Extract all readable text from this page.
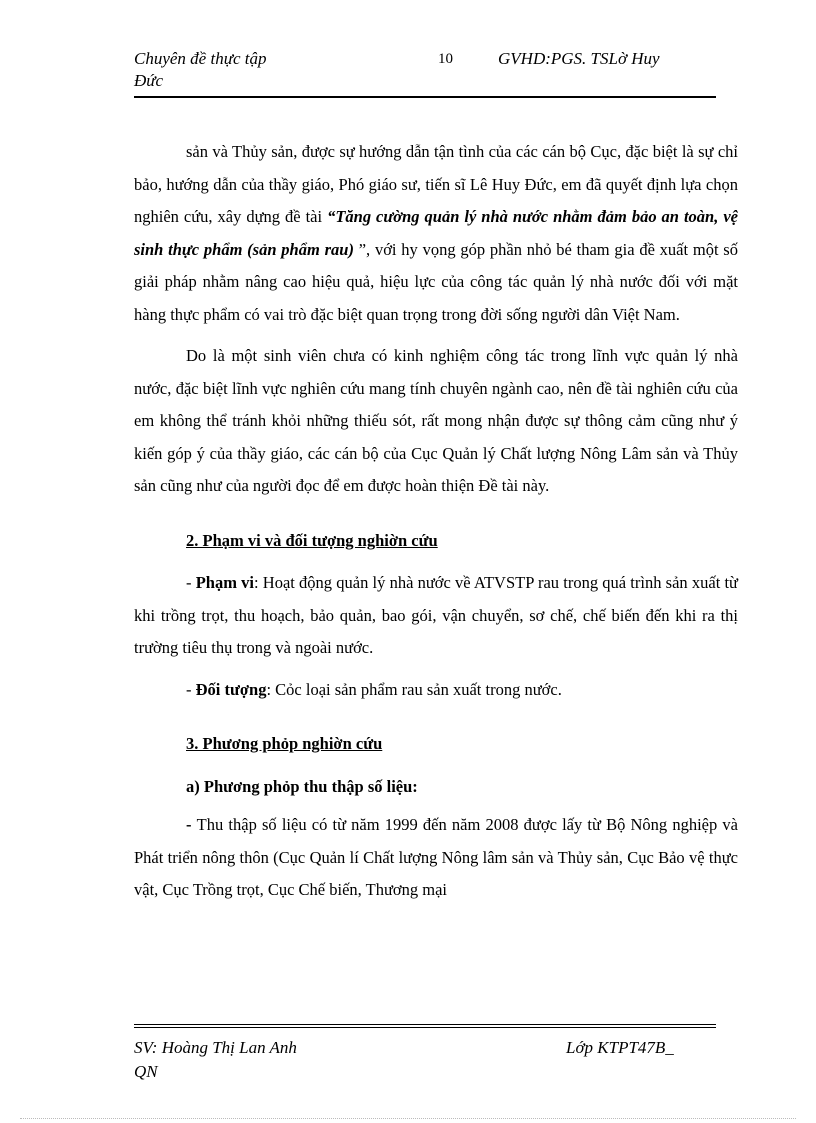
Chuyên đề thực tập
Đức
10	GVHD:PGS. TSLờ Huy

sản và Thủy sản, được sự hướng dẫn tận tình của các cán bộ Cục, đặc biệt là sự chỉ bảo, hướng dẫn của thầy giáo, Phó giáo sư, tiến sĩ Lê Huy Đức, em đã quyết định lựa chọn nghiên cứu, xây dựng đề tài “Tăng cường quản lý nhà nước nhằm đảm bảo an toàn, vệ sinh thực phẩm (sản phẩm rau) ”, với hy vọng góp phần nhỏ bé tham gia đề xuất một số giải pháp nhằm nâng cao hiệu quả, hiệu lực của công tác quản lý nhà nước đối với mặt hàng thực phẩm có vai trò đặc biệt quan trọng trong đời sống người dân Việt Nam.

Do là một sinh viên chưa có kinh nghiệm công tác trong lĩnh vực quản lý nhà nước, đặc biệt lĩnh vực nghiên cứu mang tính chuyên ngành cao, nên đề tài nghiên cứu của em không thể tránh khỏi những thiếu sót, rất mong nhận được sự thông cảm cũng như ý kiến góp ý của thầy giáo, các cán bộ của Cục Quản lý Chất lượng Nông Lâm sản và Thủy sản cũng như của người đọc để em được hoàn thiện Đề tài này.

2. Phạm vi và đối tượng nghiờn cứu

- Phạm vi: Hoạt động quản lý nhà nước về ATVSTP rau trong quá trình sản xuất từ khi trồng trọt, thu hoạch, bảo quản, bao gói, vận chuyển, sơ chế, chế biến đến khi ra thị trường tiêu thụ trong và ngoài nước.

- Đối tượng: Cỏc loại sản phẩm rau sản xuất trong nước.

3. Phương phỏp nghiờn cứu

a) Phương phỏp thu thập số liệu:

- Thu thập số liệu có từ năm 1999 đến năm 2008 được lấy từ Bộ Nông nghiệp và Phát triển nông thôn (Cục Quản lí Chất lượng Nông lâm sản và Thủy sản, Cục Bảo vệ thực vật, Cục Trồng trọt, Cục Chế biến, Thương mại

SV: Hoàng Thị Lan Anh
QN
Lớp KTPT47B_
